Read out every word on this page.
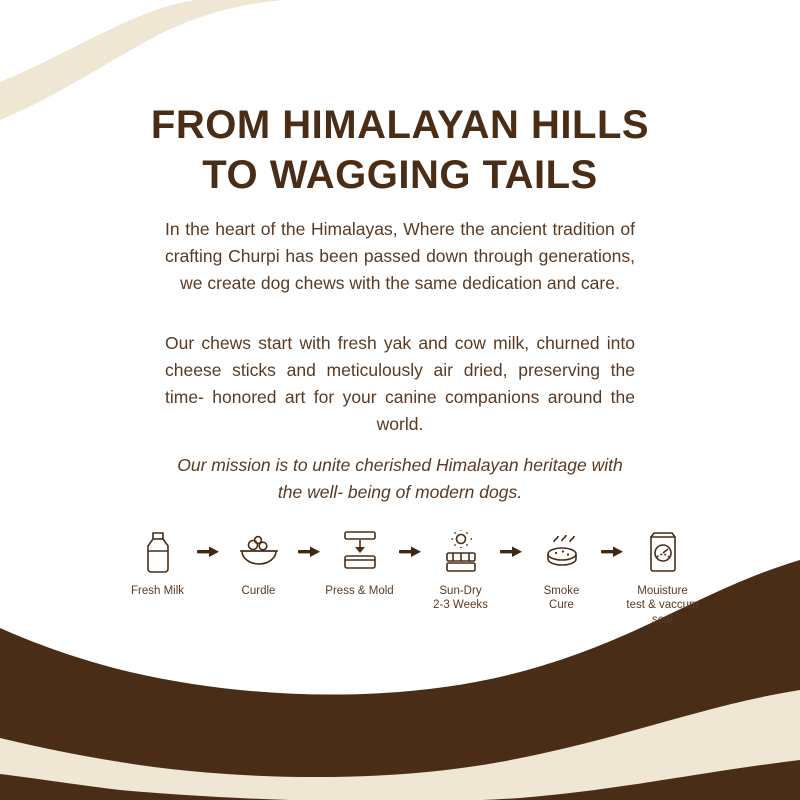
FROM HIMALAYAN HILLS
TO WAGGING TAILS
In the heart of the Himalayas, Where the ancient tradition of crafting Churpi has been passed down through generations, we create dog chews with the same dedication and care.
Our chews start with fresh yak and cow milk, churned into cheese sticks and meticulously air dried, preserving the time- honored art for your canine companions around the world.
Our mission is to unite cherished Himalayan heritage with the well- being of modern dogs.
Fresh Milk	Curdle	Press & Mold	Sun-Dry
2-3 Weeks
Smoke
Cure
Mouisture
test & vaccum
seal
